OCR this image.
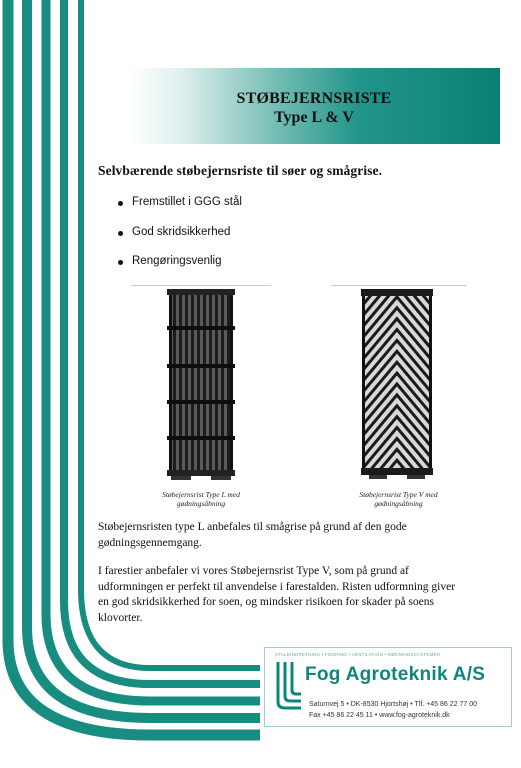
STØBEJERNSRISTE
Type L & V
Selvbærende støbejernsriste til søer og smågrise.
Fremstillet i GGG stål
God skridsikkerhed
Rengøringsvenlig
Støbejernsrist Type L med
gødningsåbning
Støbejernsrist Type V med
gødningsåbning
Støbejernsristen type L anbefales til smågrise på grund af den gode gødningsgennemgang.
I farestier anbefaler vi vores Støbejernsrist Type V, som på grund af udformningen er perfekt til anvendelse i farestalden. Risten udformning giver en god skridsikkerhed for soen, og mindsker risikoen for skader på soens klovorter.
STALDINDRETNING • FODRING • VENTILATION • GØDNINGSSYSTEMER
Fog Agroteknik A/S
Saturnvej 5 • DK-8530 Hjortshøj • Tlf. +45 86 22 77 00
Fax +45 86 22 45 11 • www.fog-agroteknik.dk
